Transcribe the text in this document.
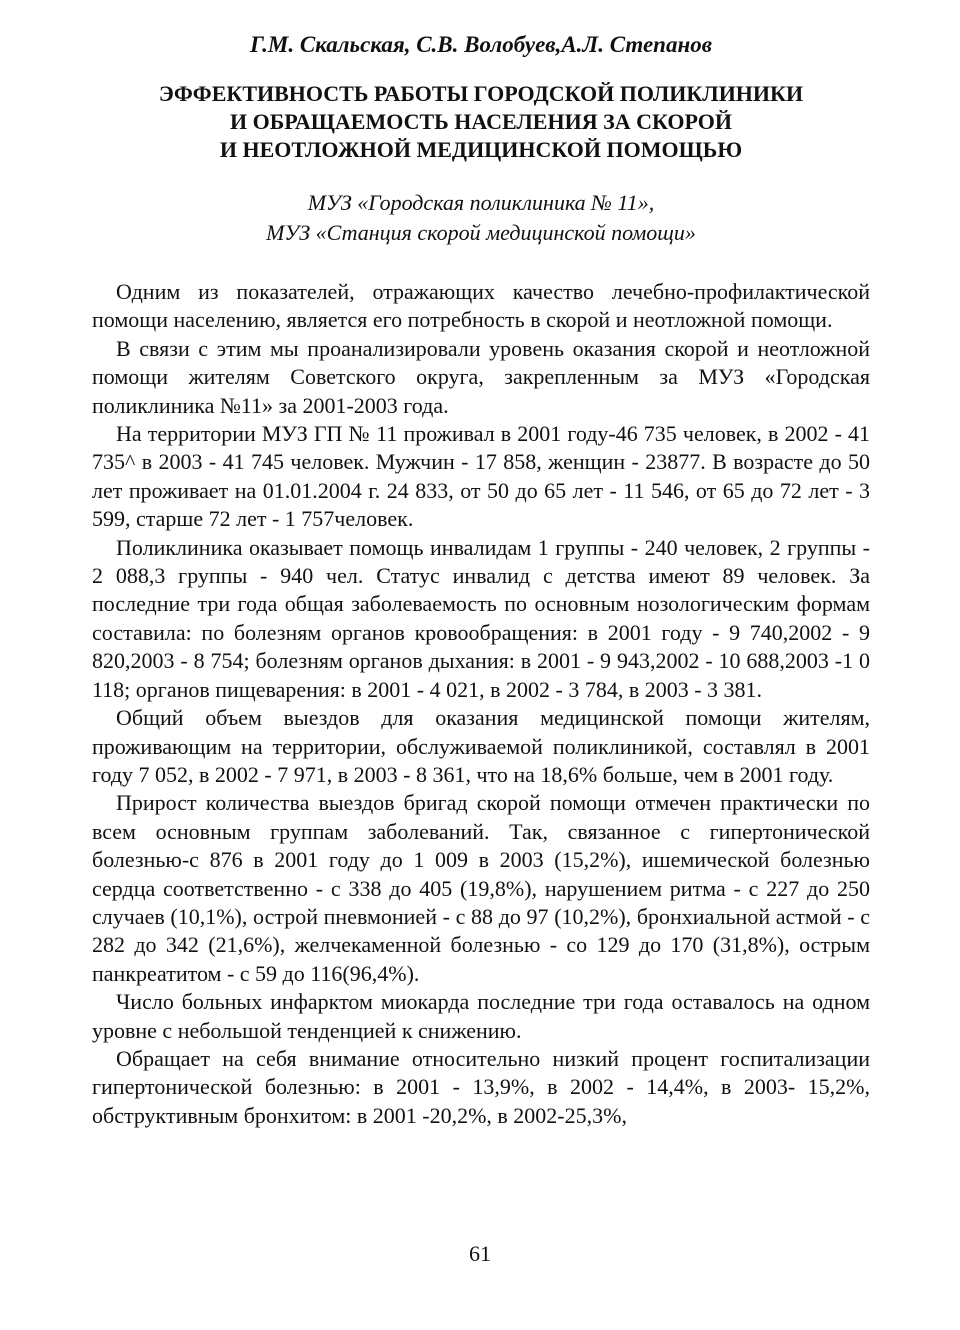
Г.М. Скальская, С.В. Волобуев,А.Л. Степанов
ЭФФЕКТИВНОСТЬ РАБОТЫ ГОРОДСКОЙ ПОЛИКЛИНИКИ
И ОБРАЩАЕМОСТЬ НАСЕЛЕНИЯ ЗА СКОРОЙ
И НЕОТЛОЖНОЙ МЕДИЦИНСКОЙ ПОМОЩЬЮ
МУЗ «Городская поликлиника № 11»,
МУЗ «Станция скорой медицинской помощи»

Одним из показателей, отражающих качество лечебно-профилактической помощи населению, является его потребность в скорой и неотложной помощи.

В связи с этим мы проанализировали уровень оказания скорой и неотложной помощи жителям Советского округа, закрепленным за МУЗ «Городская поликлиника №11» за 2001-2003 года.

На территории МУЗ ГП № 11 проживал в 2001 году-46 735 человек, в 2002 - 41 735^ в 2003 - 41 745 человек. Мужчин - 17 858, женщин - 23877. В возрасте до 50 лет проживает на 01.01.2004 г. 24 833, от 50 до 65 лет - 11 546, от 65 до 72 лет - 3 599, старше 72 лет - 1 757человек.

Поликлиника оказывает помощь инвалидам 1 группы - 240 человек, 2 группы - 2 088,3 группы - 940 чел. Статус инвалид с детства имеют 89 человек. За последние три года общая заболеваемость по основным нозологическим формам составила: по болезням органов кровообращения: в 2001 году - 9 740,2002 - 9 820,2003 - 8 754; болезням органов дыхания: в 2001 - 9 943,2002 - 10 688,2003 -1 0 118; органов пищеварения: в 2001 - 4 021, в 2002 - 3 784, в 2003 - 3 381.

Общий объем выездов для оказания медицинской помощи жителям, проживающим на территории, обслуживаемой поликлиникой, составлял в 2001 году 7 052, в 2002 - 7 971, в 2003 - 8 361, что на 18,6% больше, чем в 2001 году.

Прирост количества выездов бригад скорой помощи отмечен практически по всем основным группам заболеваний. Так, связанное с гипертонической болезнью-с 876 в 2001 году до 1 009 в 2003 (15,2%), ишемической болезнью сердца соответственно - с 338 до 405 (19,8%), нарушением ритма - с 227 до 250 случаев (10,1%), острой пневмонией - с 88 до 97 (10,2%), бронхиальной астмой - с 282 до 342 (21,6%), желчекаменной болезнью - со 129 до 170 (31,8%), острым панкреатитом - с 59 до 116(96,4%).

Число больных инфарктом миокарда последние три года оставалось на одном уровне с небольшой тенденцией к снижению.

Обращает на себя внимание относительно низкий процент госпитализации гипертонической болезнью: в 2001 - 13,9%, в 2002 - 14,4%, в 2003- 15,2%, обструктивным бронхитом: в 2001 -20,2%, в 2002-25,3%,

61
